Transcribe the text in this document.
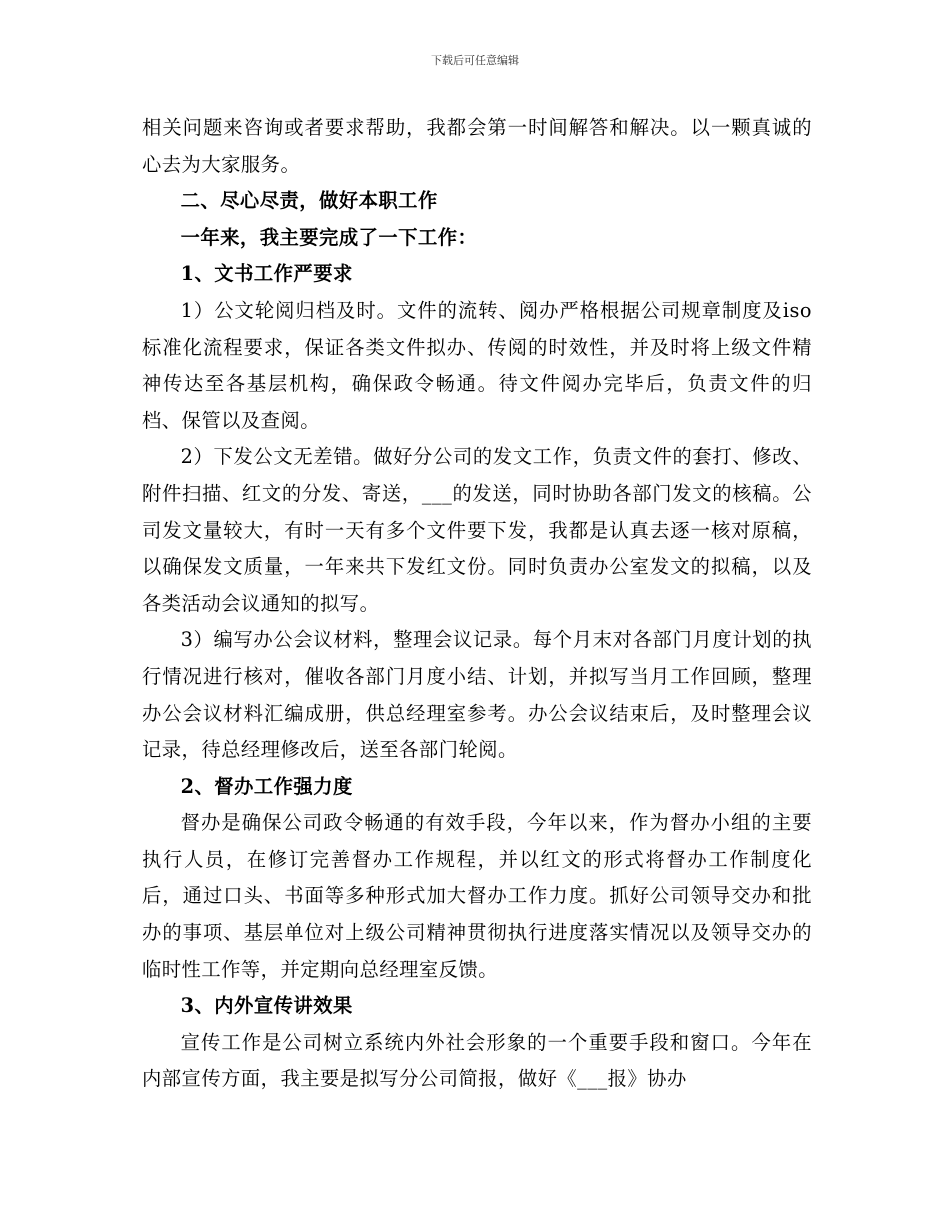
下载后可任意编辑

相关问题来咨询或者要求帮助，我都会第一时间解答和解决。以一颗真诚的心去为大家服务。

二、尽心尽责，做好本职工作

一年来，我主要完成了一下工作：

1、文书工作严要求

1）公文轮阅归档及时。文件的流转、阅办严格根据公司规章制度及iso标准化流程要求，保证各类文件拟办、传阅的时效性，并及时将上级文件精神传达至各基层机构，确保政令畅通。待文件阅办完毕后，负责文件的归档、保管以及查阅。

2）下发公文无差错。做好分公司的发文工作，负责文件的套打、修改、附件扫描、红文的分发、寄送，___的发送，同时协助各部门发文的核稿。公司发文量较大，有时一天有多个文件要下发，我都是认真去逐一核对原稿，以确保发文质量，一年来共下发红文份。同时负责办公室发文的拟稿，以及各类活动会议通知的拟写。

3）编写办公会议材料，整理会议记录。每个月末对各部门月度计划的执行情况进行核对，催收各部门月度小结、计划，并拟写当月工作回顾，整理办公会议材料汇编成册，供总经理室参考。办公会议结束后，及时整理会议记录，待总经理修改后，送至各部门轮阅。

2、督办工作强力度

督办是确保公司政令畅通的有效手段，今年以来，作为督办小组的主要执行人员，在修订完善督办工作规程，并以红文的形式将督办工作制度化后，通过口头、书面等多种形式加大督办工作力度。抓好公司领导交办和批办的事项、基层单位对上级公司精神贯彻执行进度落实情况以及领导交办的临时性工作等，并定期向总经理室反馈。

3、内外宣传讲效果

宣传工作是公司树立系统内外社会形象的一个重要手段和窗口。今年在内部宣传方面，我主要是拟写分公司简报，做好《___报》协办
